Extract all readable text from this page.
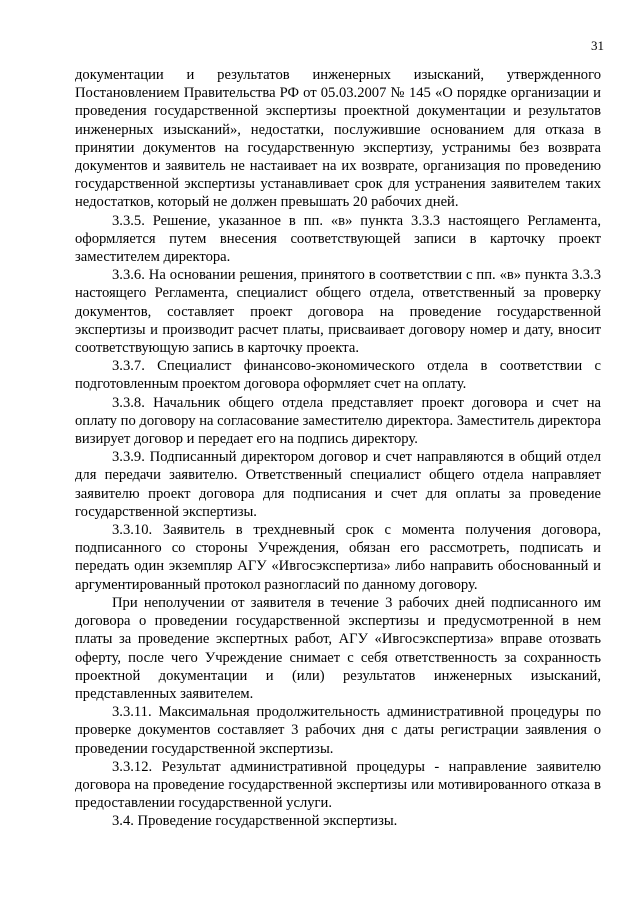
31

документации и результатов инженерных изысканий, утвержденного Постановлением Правительства РФ от 05.03.2007 № 145 «О порядке организации и проведения государственной экспертизы проектной документации и результатов инженерных изысканий», недостатки, послужившие основанием для отказа в принятии документов на государственную экспертизу, устранимы без возврата документов и заявитель не настаивает на их возврате, организация по проведению государственной экспертизы устанавливает срок для устранения заявителем таких недостатков, который не должен превышать 20 рабочих дней.

3.3.5. Решение, указанное в пп. «в» пункта 3.3.3 настоящего Регламента, оформляется путем внесения соответствующей записи в карточку проект заместителем директора.

3.3.6. На основании решения, принятого в соответствии с пп. «в» пункта 3.3.3 настоящего Регламента, специалист общего отдела, ответственный за проверку документов, составляет проект договора на проведение государственной экспертизы и производит расчет платы, присваивает договору номер и дату, вносит соответствующую запись в карточку проекта.

3.3.7. Специалист финансово-экономического отдела в соответствии с подготовленным проектом договора оформляет счет на оплату.

3.3.8. Начальник общего отдела представляет проект договора и счет на оплату по договору на согласование заместителю директора. Заместитель директора визирует договор и передает его на подпись директору.

3.3.9. Подписанный директором договор и счет направляются в общий отдел для передачи заявителю. Ответственный специалист общего отдела направляет заявителю проект договора для подписания и счет для оплаты за проведение государственной экспертизы.

3.3.10. Заявитель в трехдневный срок с момента получения договора, подписанного со стороны Учреждения, обязан его рассмотреть, подписать и передать один экземпляр АГУ «Ивгосэкспертиза» либо направить обоснованный и аргументированный протокол разногласий по данному договору.

При неполучении от заявителя в течение 3 рабочих дней подписанного им договора о проведении государственной экспертизы и предусмотренной в нем платы за проведение экспертных работ, АГУ «Ивгосэкспертиза» вправе отозвать оферту, после чего Учреждение снимает с себя ответственность за сохранность проектной документации и (или) результатов инженерных изысканий, представленных заявителем.

3.3.11. Максимальная продолжительность административной процедуры по проверке документов составляет 3 рабочих дня с даты регистрации заявления о проведении государственной экспертизы.

3.3.12. Результат административной процедуры - направление заявителю договора на проведение государственной экспертизы или мотивированного отказа в предоставлении государственной услуги.

3.4. Проведение государственной экспертизы.
